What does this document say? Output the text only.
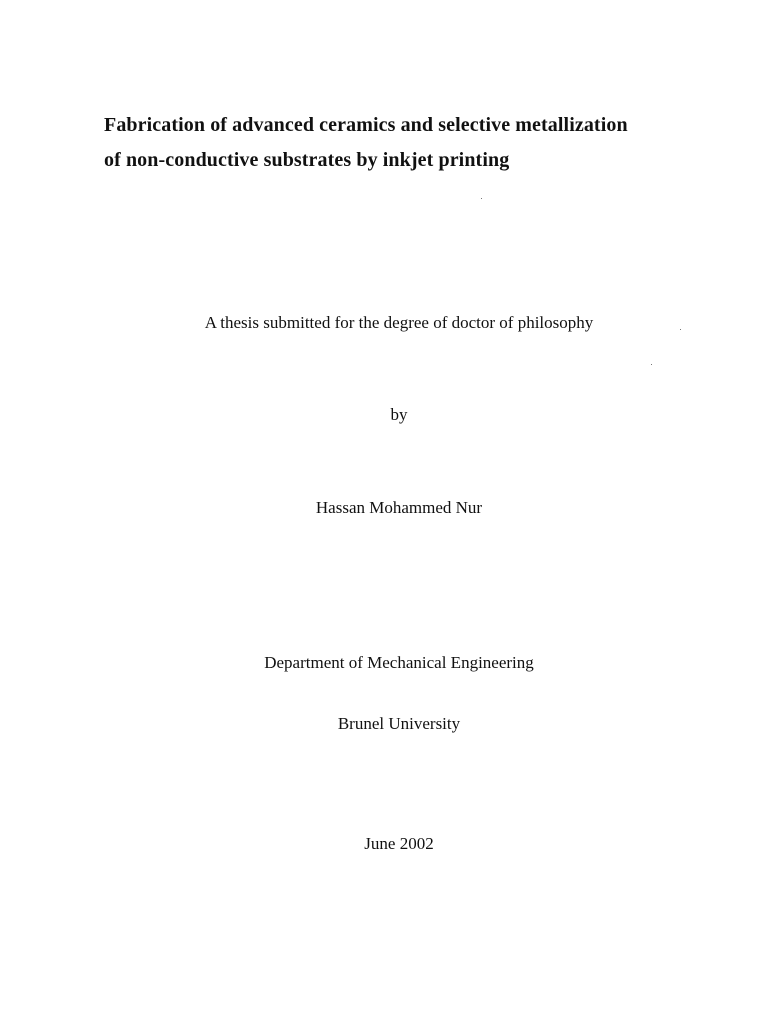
Fabrication of advanced ceramics and selective metallization
of non-conductive substrates by inkjet printing
A thesis submitted for the degree of doctor of philosophy
by
Hassan Mohammed Nur
Department of Mechanical Engineering
Brunel University
June 2002
